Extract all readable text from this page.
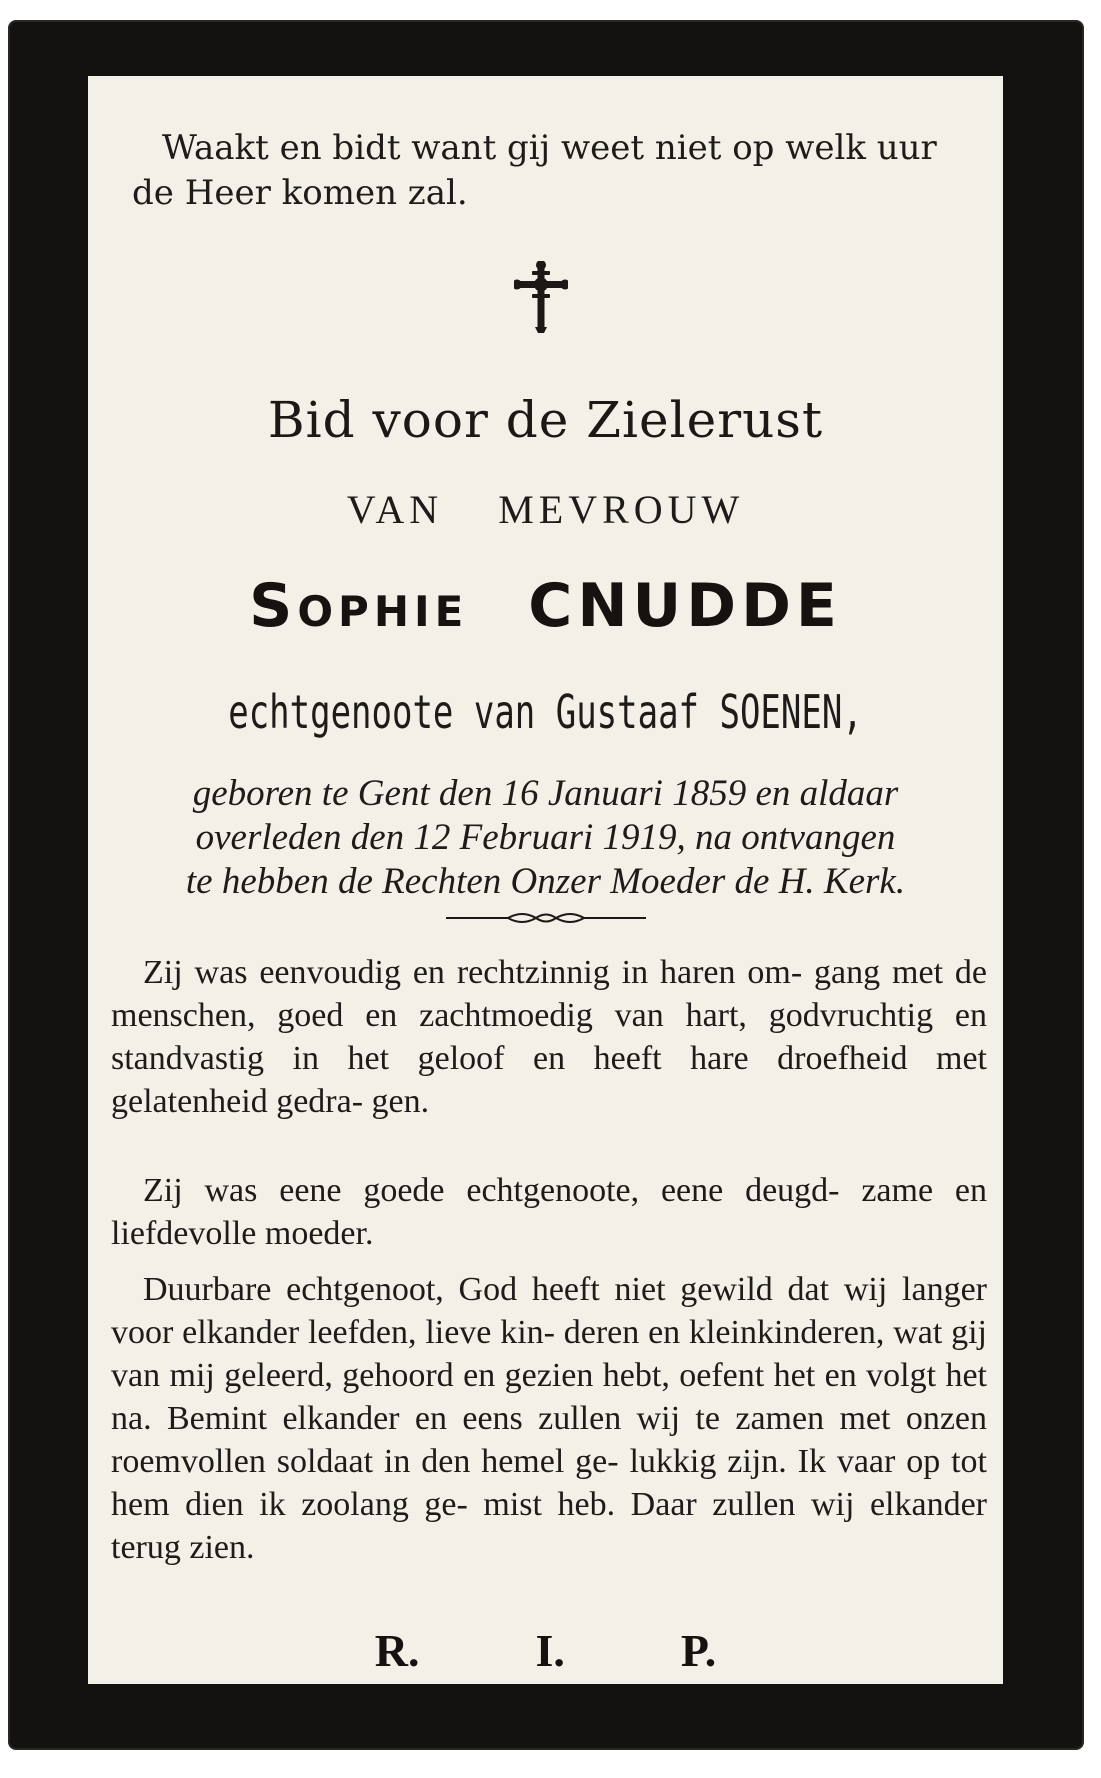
Waakt en bidt want gij weet niet op welk uur
de Heer komen zal.
Bid voor de Zielerust
VAN MEVROUW
Sophie CNUDDE
echtgenoote van Gustaaf SOENEN,
geboren te Gent den 16 Januari 1859 en aldaar
overleden den 12 Februari 1919, na ontvangen
te hebben de Rechten Onzer Moeder de H. Kerk.
Zij was eenvoudig en rechtzinnig in haren om- gang met de menschen, goed en zachtmoedig van hart, godvruchtig en standvastig in het geloof en heeft hare droefheid met gelatenheid gedra- gen.
Zij was eene goede echtgenoote, eene deugd- zame en liefdevolle moeder.
Duurbare echtgenoot, God heeft niet gewild dat wij langer voor elkander leefden, lieve kin- deren en kleinkinderen, wat gij van mij geleerd, gehoord en gezien hebt, oefent het en volgt het na. Bemint elkander en eens zullen wij te zamen met onzen roemvollen soldaat in den hemel ge- lukkig zijn. Ik vaar op tot hem dien ik zoolang ge- mist heb. Daar zullen wij elkander terug zien.
R.	I.	P.
